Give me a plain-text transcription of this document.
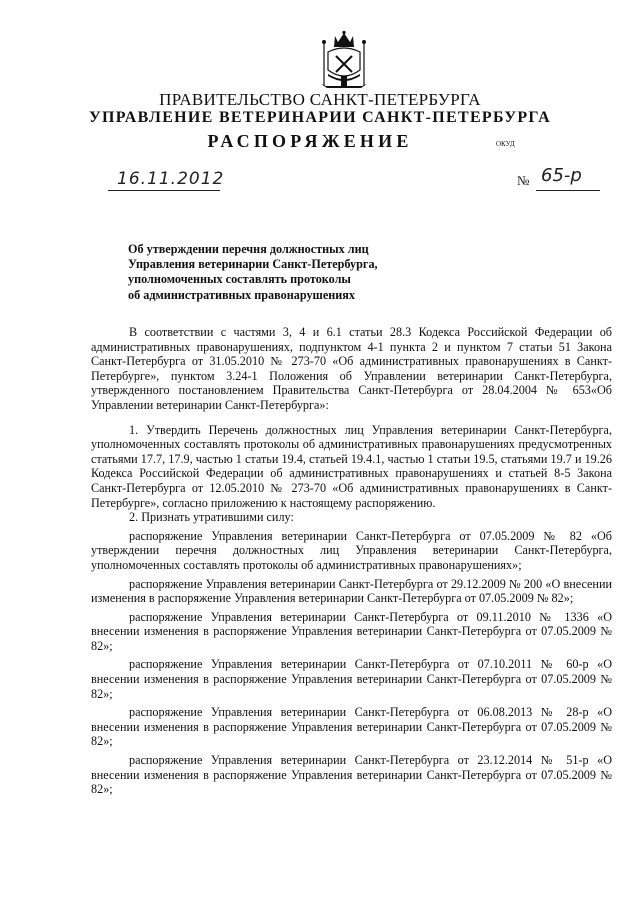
ПРАВИТЕЛЬСТВО САНКТ-ПЕТЕРБУРГА
УПРАВЛЕНИЕ ВЕТЕРИНАРИИ САНКТ-ПЕТЕРБУРГА
РАСПОРЯЖЕНИЕ	ОКУД
16.11.2012	№ 65-р
Об утверждении перечня должностных лиц
Управления ветеринарии Санкт-Петербурга,
уполномоченных составлять протоколы
об административных правонарушениях

В соответствии с частями 3, 4 и 6.1 статьи 28.3 Кодекса Российской Федерации об административных правонарушениях, подпунктом 4-1 пункта 2 и пунктом 7 статьи 51 Закона Санкт-Петербурга от 31.05.2010 № 273-70 «Об административных правонарушениях в Санкт-Петербурге», пунктом 3.24-1 Положения об Управлении ветеринарии Санкт-Петербурга, утвержденного постановлением Правительства Санкт-Петербурга от 28.04.2004 № 653«Об Управлении ветеринарии Санкт-Петербурга»:

1. Утвердить Перечень должностных лиц Управления ветеринарии Санкт-Петербурга, уполномоченных составлять протоколы об административных правонарушениях предусмотренных статьями 17.7, 17.9, частью 1 статьи 19.4, статьей 19.4.1, частью 1 статьи 19.5, статьями 19.7 и 19.26 Кодекса Российской Федерации об административных правонарушениях и статьей 8-5 Закона Санкт-Петербурга от 12.05.2010 № 273-70 «Об административных правонарушениях в Санкт-Петербурге», согласно приложению к настоящему распоряжению.

2. Признать утратившими силу:

распоряжение Управления ветеринарии Санкт-Петербурга от 07.05.2009 № 82 «Об утверждении перечня должностных лиц Управления ветеринарии Санкт-Петербурга, уполномоченных составлять протоколы об административных правонарушениях»;

распоряжение Управления ветеринарии Санкт-Петербурга от 29.12.2009 № 200 «О внесении изменения в распоряжение Управления ветеринарии Санкт-Петербурга от 07.05.2009 № 82»;

распоряжение Управления ветеринарии Санкт-Петербурга от 09.11.2010 № 1336 «О внесении изменения в распоряжение Управления ветеринарии Санкт-Петербурга от 07.05.2009 № 82»;

распоряжение Управления ветеринарии Санкт-Петербурга от 07.10.2011 № 60-р «О внесении изменения в распоряжение Управления ветеринарии Санкт-Петербурга от 07.05.2009 № 82»;

распоряжение Управления ветеринарии Санкт-Петербурга от 06.08.2013 № 28-р «О внесении изменения в распоряжение Управления ветеринарии Санкт-Петербурга от 07.05.2009 № 82»;

распоряжение Управления ветеринарии Санкт-Петербурга от 23.12.2014 № 51-р «О внесении изменения в распоряжение Управления ветеринарии Санкт-Петербурга от 07.05.2009 № 82»;
